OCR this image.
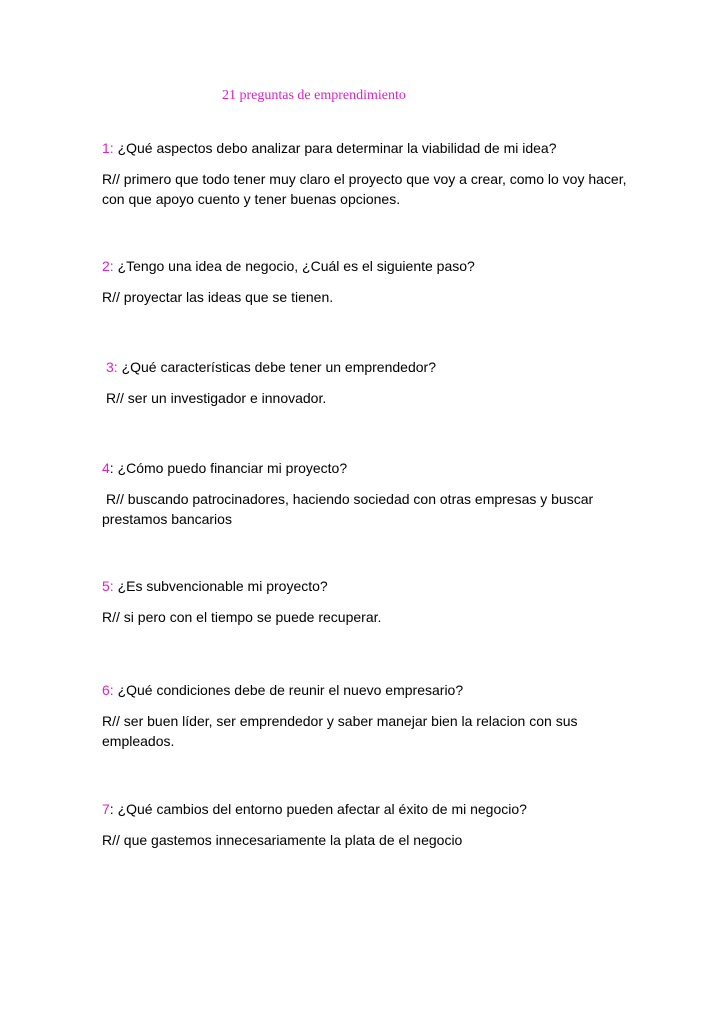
21 preguntas de emprendimiento
1: ¿Qué aspectos debo analizar para determinar la viabilidad de mi idea?
R// primero que todo tener muy claro el proyecto que voy a crear, como lo voy hacer, con que apoyo cuento y tener buenas opciones.
2: ¿Tengo una idea de negocio, ¿Cuál es el siguiente paso?
R// proyectar las ideas que se tienen.
3: ¿Qué características debe tener un emprendedor?
R// ser un investigador e innovador.
4: ¿Cómo puedo financiar mi proyecto?
R// buscando patrocinadores, haciendo sociedad con otras empresas y buscar prestamos bancarios
5: ¿Es subvencionable mi proyecto?
R// si pero con el tiempo se puede recuperar.
6: ¿Qué condiciones debe de reunir el nuevo empresario?
R// ser buen líder, ser emprendedor y saber manejar bien la relacion con sus empleados.
7: ¿Qué cambios del entorno pueden afectar al éxito de mi negocio?
R// que gastemos innecesariamente la plata de el negocio
